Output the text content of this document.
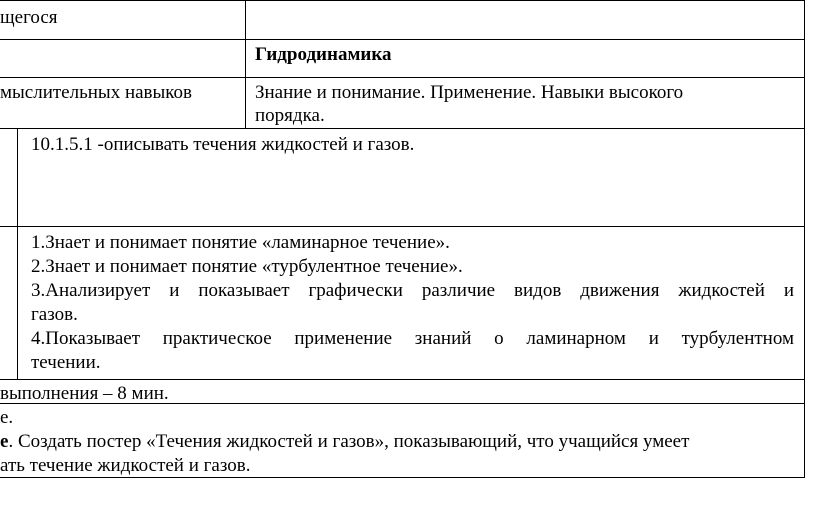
щегося
Гидродинамика
мыслительных навыков	Знание и понимание. Применение. Навыки высокого
порядка.
10.1.5.1 -описывать течения жидкостей и газов.
1.Знает и понимает понятие «ламинарное течение».
2.Знает и понимает понятие «турбулентное течение».
3.Анализирует и показывает графически различие видов движения жидкостей и
газов.
4.Показывает практическое применение знаний о ламинарном и турбулентном
течении.
выполнения – 8 мин.
е.
е. Создать постер «Течения жидкостей и газов», показывающий, что учащийся умеет
ать течение жидкостей и газов.
